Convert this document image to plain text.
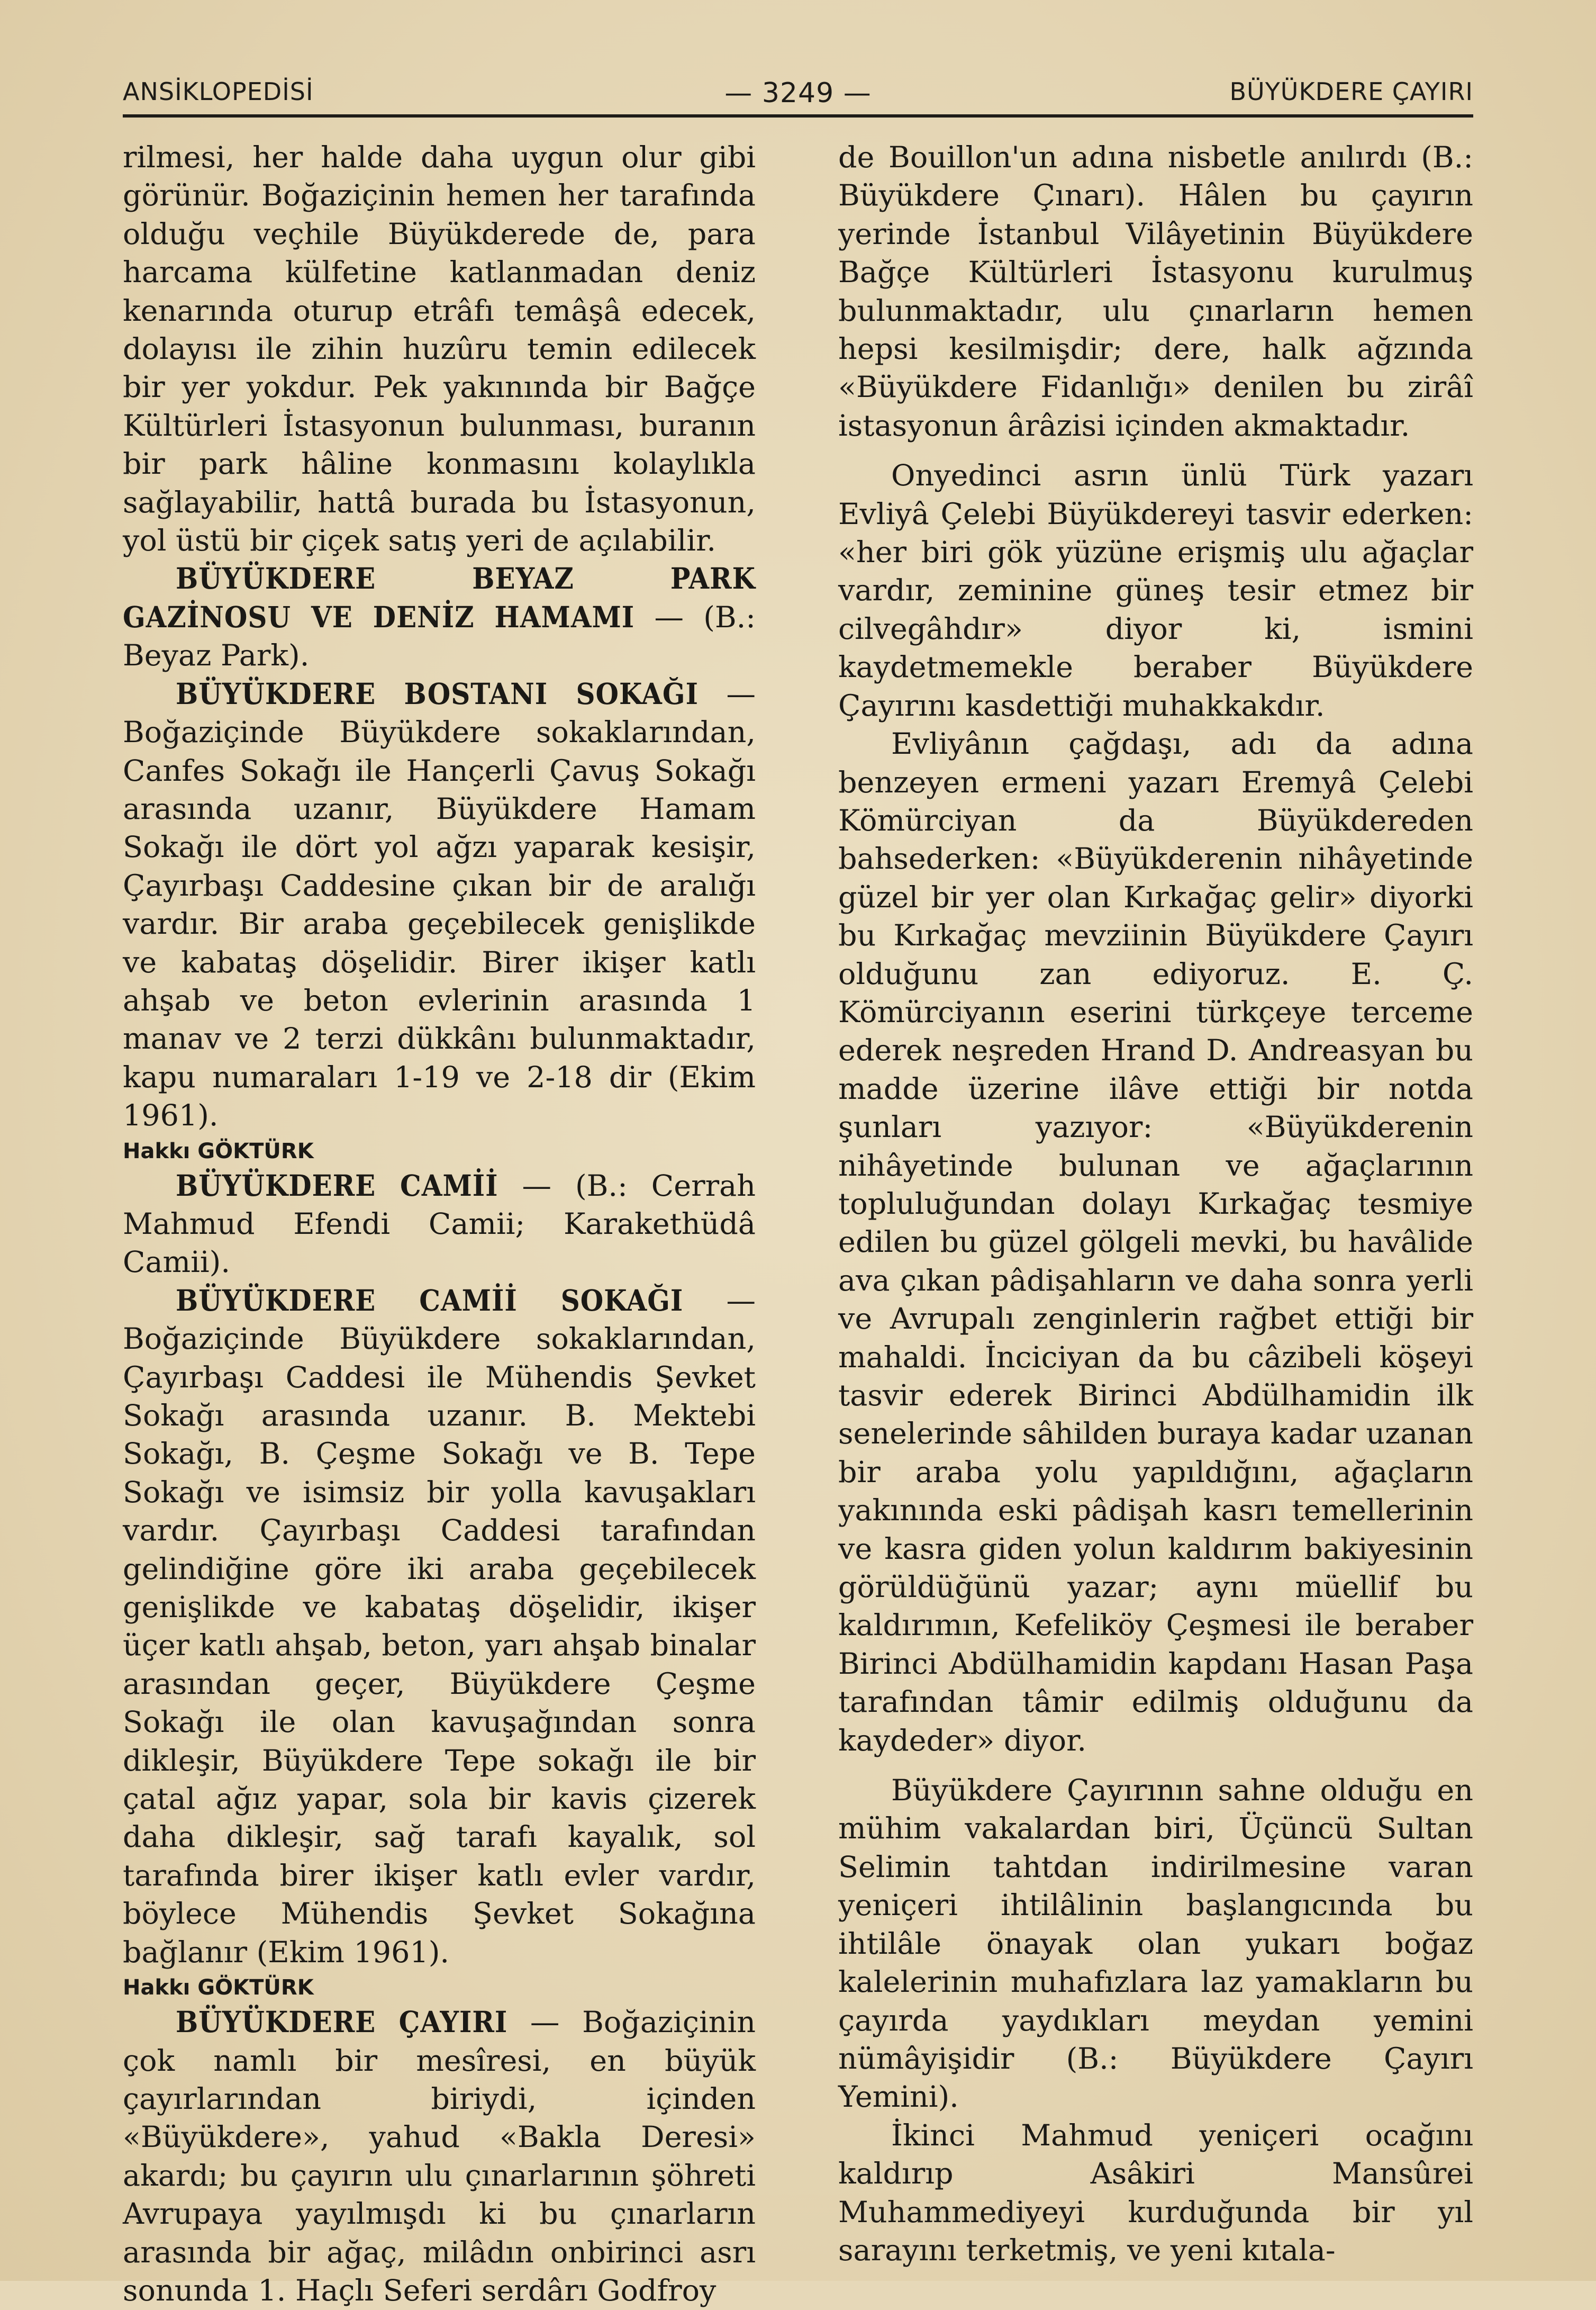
ANSİKLOPEDİSİ	— 3249 —	BÜYÜKDERE ÇAYIRI

rilmesi, her halde daha uygun olur gibi görünür. Boğaziçinin hemen her tarafında olduğu veçhile Büyükderede de, para harcama külfetine katlanmadan deniz kenarında oturup etrâfı temâşâ edecek, dolayısı ile zihin huzûru temin edilecek bir yer yokdur. Pek yakınında bir Bağçe Kültürleri İstasyonun bulunması, buranın bir park hâline konmasını kolaylıkla sağlayabilir, hattâ burada bu İstasyonun, yol üstü bir çiçek satış yeri de açılabilir.

BÜYÜKDERE BEYAZ PARK GAZİNOSU VE DENİZ HAMAMI — (B.: Beyaz Park).

BÜYÜKDERE BOSTANI SOKAĞI — Boğaziçinde Büyükdere sokaklarından, Canfes Sokağı ile Hançerli Çavuş Sokağı arasında uzanır, Büyükdere Hamam Sokağı ile dört yol ağzı yaparak kesişir, Çayırbaşı Caddesine çıkan bir de aralığı vardır. Bir araba geçebilecek genişlikde ve kabataş döşelidir. Birer ikişer katlı ahşab ve beton evlerinin arasında 1 manav ve 2 terzi dükkânı bulunmaktadır, kapu numaraları 1-19 ve 2-18 dir (Ekim 1961).

Hakkı GÖKTÜRK

BÜYÜKDERE CAMİİ — (B.: Cerrah Mahmud Efendi Camii; Karakethüdâ Camii).

BÜYÜKDERE CAMİİ SOKAĞI — Boğaziçinde Büyükdere sokaklarından, Çayırbaşı Caddesi ile Mühendis Şevket Sokağı arasında uzanır. B. Mektebi Sokağı, B. Çeşme Sokağı ve B. Tepe Sokağı ve isimsiz bir yolla kavuşakları vardır. Çayırbaşı Caddesi tarafından gelindiğine göre iki araba geçebilecek genişlikde ve kabataş döşelidir, ikişer üçer katlı ahşab, beton, yarı ahşab binalar arasından geçer, Büyükdere Çeşme Sokağı ile olan kavuşağından sonra dikleşir, Büyükdere Tepe sokağı ile bir çatal ağız yapar, sola bir kavis çizerek daha dikleşir, sağ tarafı kayalık, sol tarafında birer ikişer katlı evler vardır, böylece Mühendis Şevket Sokağına bağlanır (Ekim 1961).

Hakkı GÖKTÜRK

BÜYÜKDERE ÇAYIRI — Boğaziçinin çok namlı bir mesîresi, en büyük çayırlarından biriydi, içinden «Büyükdere», yahud «Bakla Deresi» akardı; bu çayırın ulu çınarlarının şöhreti Avrupaya yayılmışdı ki bu çınarların arasında bir ağaç, milâdın onbirinci asrı sonunda 1. Haçlı Seferi serdârı Godfroy

de Bouillon'un adına nisbetle anılırdı (B.: Büyükdere Çınarı). Hâlen bu çayırın yerinde İstanbul Vilâyetinin Büyükdere Bağçe Kültürleri İstasyonu kurulmuş bulunmaktadır, ulu çınarların hemen hepsi kesilmişdir; dere, halk ağzında «Büyükdere Fidanlığı» denilen bu zirâî istasyonun ârâzisi içinden akmaktadır.

Onyedinci asrın ünlü Türk yazarı Evliyâ Çelebi Büyükdereyi tasvir ederken: «her biri gök yüzüne erişmiş ulu ağaçlar vardır, zeminine güneş tesir etmez bir cilvegâhdır» diyor ki, ismini kaydetmemekle beraber Büyükdere Çayırını kasdettiği muhakkakdır.

Evliyânın çağdaşı, adı da adına benzeyen ermeni yazarı Eremyâ Çelebi Kömürciyan da Büyükdereden bahsederken: «Büyükderenin nihâyetinde güzel bir yer olan Kırkağaç gelir» diyorki bu Kırkağaç mevziinin Büyükdere Çayırı olduğunu zan ediyoruz. E. Ç. Kömürciyanın eserini türkçeye terceme ederek neşreden Hrand D. Andreasyan bu madde üzerine ilâve ettiği bir notda şunları yazıyor: «Büyükderenin nihâyetinde bulunan ve ağaçlarının topluluğundan dolayı Kırkağaç tesmiye edilen bu güzel gölgeli mevki, bu havâlide ava çıkan pâdişahların ve daha sonra yerli ve Avrupalı zenginlerin rağbet ettiği bir mahaldi. İnciciyan da bu câzibeli köşeyi tasvir ederek Birinci Abdülhamidin ilk senelerinde sâhilden buraya kadar uzanan bir araba yolu yapıldığını, ağaçların yakınında eski pâdişah kasrı temellerinin ve kasra giden yolun kaldırım bakiyesinin görüldüğünü yazar; aynı müellif bu kaldırımın, Kefeliköy Çeşmesi ile beraber Birinci Abdülhamidin kapdanı Hasan Paşa tarafından tâmir edilmiş olduğunu da kaydeder» diyor.

Büyükdere Çayırının sahne olduğu en mühim vakalardan biri, Üçüncü Sultan Selimin tahtdan indirilmesine varan yeniçeri ihtilâlinin başlangıcında bu ihtilâle önayak olan yukarı boğaz kalelerinin muhafızlara laz yamakların bu çayırda yaydıkları meydan yemini nümâyişidir (B.: Büyükdere Çayırı Yemini).

İkinci Mahmud yeniçeri ocağını kaldırıp Asâkiri Mansûrei Muhammediyeyi kurduğunda bir yıl sarayını terketmiş, ve yeni kıtala-
